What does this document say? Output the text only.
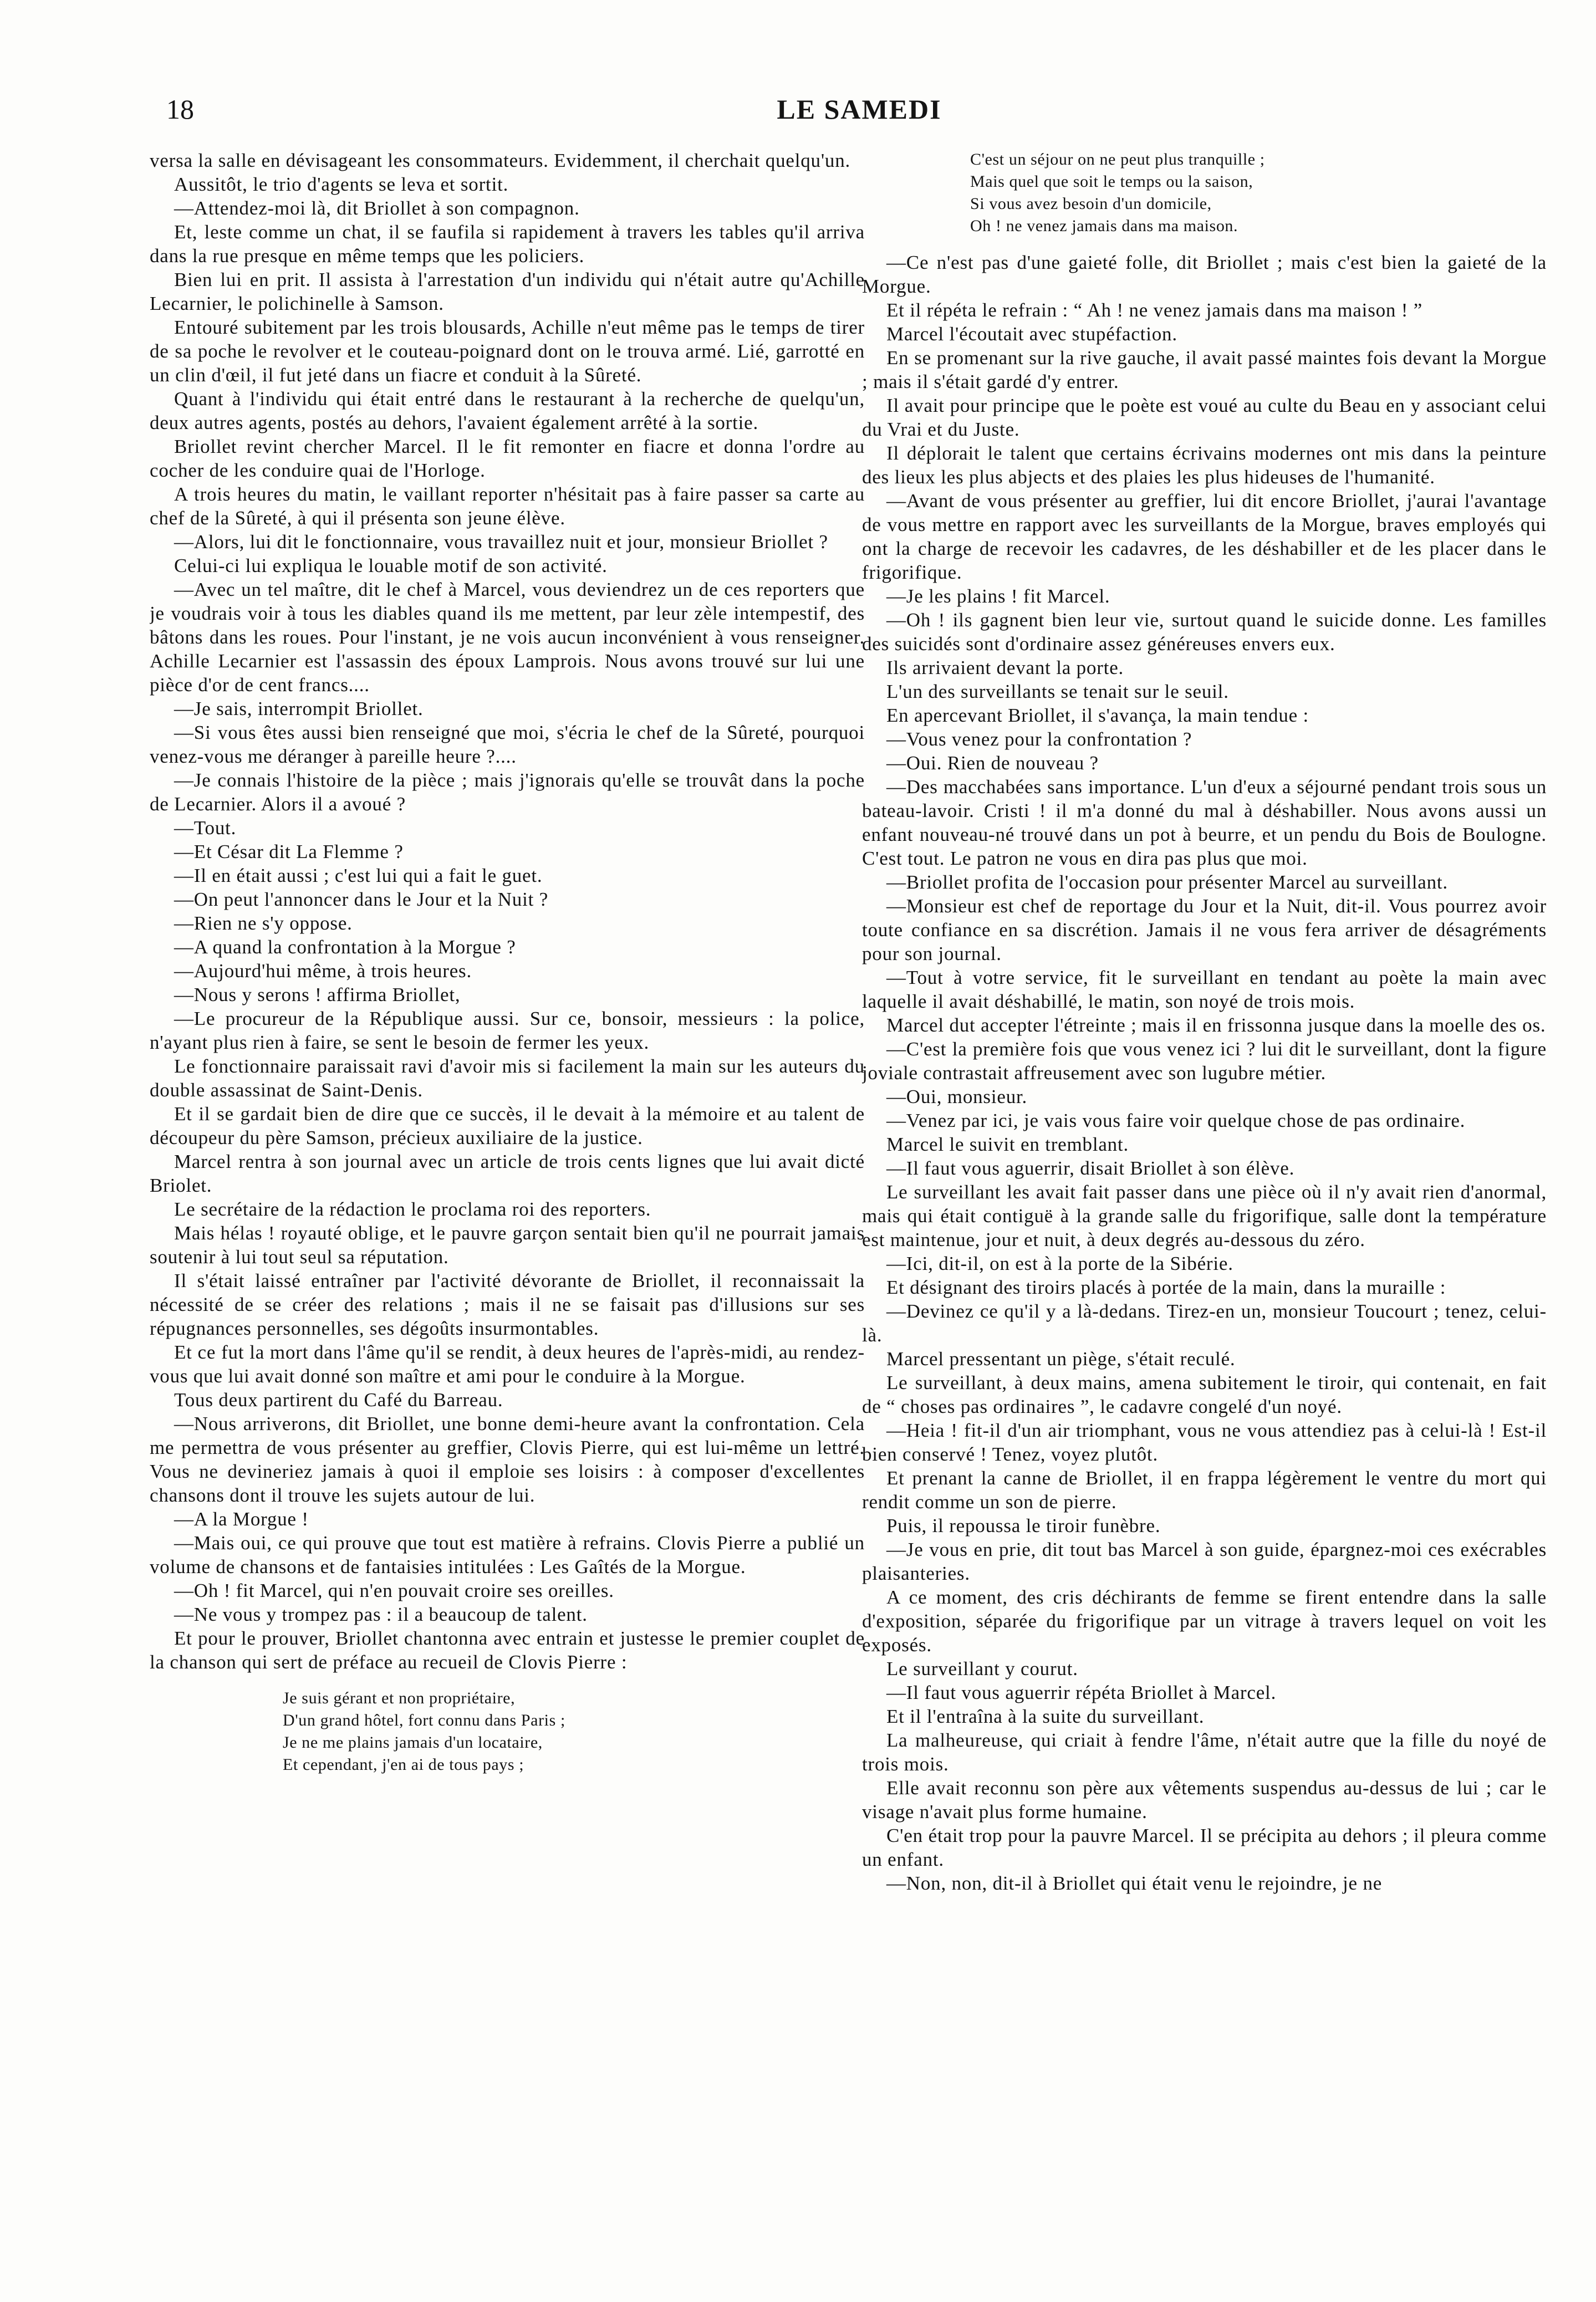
18	LE SAMEDI

versa la salle en dévisageant les consommateurs. Evidemment, il cherchait quelqu'un.

Aussitôt, le trio d'agents se leva et sortit.

—Attendez-moi là, dit Briollet à son compagnon.

Et, leste comme un chat, il se faufila si rapidement à travers les tables qu'il arriva dans la rue presque en même temps que les policiers.

Bien lui en prit. Il assista à l'arrestation d'un individu qui n'était autre qu'Achille Lecarnier, le polichinelle à Samson.

Entouré subitement par les trois blousards, Achille n'eut même pas le temps de tirer de sa poche le revolver et le couteau-poignard dont on le trouva armé. Lié, garrotté en un clin d'œil, il fut jeté dans un fiacre et conduit à la Sûreté.

Quant à l'individu qui était entré dans le restaurant à la recherche de quelqu'un, deux autres agents, postés au dehors, l'avaient également arrêté à la sortie.

Briollet revint chercher Marcel. Il le fit remonter en fiacre et donna l'ordre au cocher de les conduire quai de l'Horloge.

A trois heures du matin, le vaillant reporter n'hésitait pas à faire passer sa carte au chef de la Sûreté, à qui il présenta son jeune élève.

—Alors, lui dit le fonctionnaire, vous travaillez nuit et jour, monsieur Briollet ?

Celui-ci lui expliqua le louable motif de son activité.

—Avec un tel maître, dit le chef à Marcel, vous deviendrez un de ces reporters que je voudrais voir à tous les diables quand ils me mettent, par leur zèle intempestif, des bâtons dans les roues. Pour l'instant, je ne vois aucun inconvénient à vous renseigner. Achille Lecarnier est l'assassin des époux Lamprois. Nous avons trouvé sur lui une pièce d'or de cent francs....

—Je sais, interrompit Briollet.

—Si vous êtes aussi bien renseigné que moi, s'écria le chef de la Sûreté, pourquoi venez-vous me déranger à pareille heure ?....

—Je connais l'histoire de la pièce ; mais j'ignorais qu'elle se trouvât dans la poche de Lecarnier. Alors il a avoué ?

—Tout.

—Et César dit La Flemme ?

—Il en était aussi ; c'est lui qui a fait le guet.

—On peut l'annoncer dans le Jour et la Nuit ?

—Rien ne s'y oppose.

—A quand la confrontation à la Morgue ?

—Aujourd'hui même, à trois heures.

—Nous y serons ! affirma Briollet,

—Le procureur de la République aussi. Sur ce, bonsoir, messieurs : la police, n'ayant plus rien à faire, se sent le besoin de fermer les yeux.

Le fonctionnaire paraissait ravi d'avoir mis si facilement la main sur les auteurs du double assassinat de Saint-Denis.

Et il se gardait bien de dire que ce succès, il le devait à la mémoire et au talent de découpeur du père Samson, précieux auxiliaire de la justice.

Marcel rentra à son journal avec un article de trois cents lignes que lui avait dicté Briolet.

Le secrétaire de la rédaction le proclama roi des reporters.

Mais hélas ! royauté oblige, et le pauvre garçon sentait bien qu'il ne pourrait jamais soutenir à lui tout seul sa réputation.

Il s'était laissé entraîner par l'activité dévorante de Briollet, il reconnaissait la nécessité de se créer des relations ; mais il ne se faisait pas d'illusions sur ses répugnances personnelles, ses dégoûts insurmontables.

Et ce fut la mort dans l'âme qu'il se rendit, à deux heures de l'après-midi, au rendez-vous que lui avait donné son maître et ami pour le conduire à la Morgue.

Tous deux partirent du Café du Barreau.

—Nous arriverons, dit Briollet, une bonne demi-heure avant la confrontation. Cela me permettra de vous présenter au greffier, Clovis Pierre, qui est lui-même un lettré. Vous ne devineriez jamais à quoi il emploie ses loisirs : à composer d'excellentes chansons dont il trouve les sujets autour de lui.

—A la Morgue !

—Mais oui, ce qui prouve que tout est matière à refrains. Clovis Pierre a publié un volume de chansons et de fantaisies intitulées : Les Gaîtés de la Morgue.

—Oh ! fit Marcel, qui n'en pouvait croire ses oreilles.

—Ne vous y trompez pas : il a beaucoup de talent.

Et pour le prouver, Briollet chantonna avec entrain et justesse le premier couplet de la chanson qui sert de préface au recueil de Clovis Pierre :

Je suis gérant et non propriétaire,
D'un grand hôtel, fort connu dans Paris ;
Je ne me plains jamais d'un locataire,
Et cependant, j'en ai de tous pays ;
C'est un séjour on ne peut plus tranquille ;
Mais quel que soit le temps ou la saison,
Si vous avez besoin d'un domicile,
Oh ! ne venez jamais dans ma maison.

—Ce n'est pas d'une gaieté folle, dit Briollet ; mais c'est bien la gaieté de la Morgue.

Et il répéta le refrain : “ Ah ! ne venez jamais dans ma maison ! ”

Marcel l'écoutait avec stupéfaction.

En se promenant sur la rive gauche, il avait passé maintes fois devant la Morgue ; mais il s'était gardé d'y entrer.

Il avait pour principe que le poète est voué au culte du Beau en y associant celui du Vrai et du Juste.

Il déplorait le talent que certains écrivains modernes ont mis dans la peinture des lieux les plus abjects et des plaies les plus hideuses de l'humanité.

—Avant de vous présenter au greffier, lui dit encore Briollet, j'aurai l'avantage de vous mettre en rapport avec les surveillants de la Morgue, braves employés qui ont la charge de recevoir les cadavres, de les déshabiller et de les placer dans le frigorifique.

—Je les plains ! fit Marcel.

—Oh ! ils gagnent bien leur vie, surtout quand le suicide donne. Les familles des suicidés sont d'ordinaire assez généreuses envers eux.

Ils arrivaient devant la porte.

L'un des surveillants se tenait sur le seuil.

En apercevant Briollet, il s'avança, la main tendue :

—Vous venez pour la confrontation ?

—Oui. Rien de nouveau ?

—Des macchabées sans importance. L'un d'eux a séjourné pendant trois sous un bateau-lavoir. Cristi ! il m'a donné du mal à déshabiller. Nous avons aussi un enfant nouveau-né trouvé dans un pot à beurre, et un pendu du Bois de Boulogne. C'est tout. Le patron ne vous en dira pas plus que moi.

—Briollet profita de l'occasion pour présenter Marcel au surveillant.

—Monsieur est chef de reportage du Jour et la Nuit, dit-il. Vous pourrez avoir toute confiance en sa discrétion. Jamais il ne vous fera arriver de désagréments pour son journal.

—Tout à votre service, fit le surveillant en tendant au poète la main avec laquelle il avait déshabillé, le matin, son noyé de trois mois.

Marcel dut accepter l'étreinte ; mais il en frissonna jusque dans la moelle des os.

—C'est la première fois que vous venez ici ? lui dit le surveillant, dont la figure joviale contrastait affreusement avec son lugubre métier.

—Oui, monsieur.

—Venez par ici, je vais vous faire voir quelque chose de pas ordinaire.

Marcel le suivit en tremblant.

—Il faut vous aguerrir, disait Briollet à son élève.

Le surveillant les avait fait passer dans une pièce où il n'y avait rien d'anormal, mais qui était contiguë à la grande salle du frigorifique, salle dont la température est maintenue, jour et nuit, à deux degrés au-dessous du zéro.

—Ici, dit-il, on est à la porte de la Sibérie.

Et désignant des tiroirs placés à portée de la main, dans la muraille :

—Devinez ce qu'il y a là-dedans. Tirez-en un, monsieur Toucourt ; tenez, celui-là.

Marcel pressentant un piège, s'était reculé.

Le surveillant, à deux mains, amena subitement le tiroir, qui contenait, en fait de “ choses pas ordinaires ”, le cadavre congelé d'un noyé.

—Heia ! fit-il d'un air triomphant, vous ne vous attendiez pas à celui-là ! Est-il bien conservé ! Tenez, voyez plutôt.

Et prenant la canne de Briollet, il en frappa légèrement le ventre du mort qui rendit comme un son de pierre.

Puis, il repoussa le tiroir funèbre.

—Je vous en prie, dit tout bas Marcel à son guide, épargnez-moi ces exécrables plaisanteries.

A ce moment, des cris déchirants de femme se firent entendre dans la salle d'exposition, séparée du frigorifique par un vitrage à travers lequel on voit les exposés.

Le surveillant y courut.

—Il faut vous aguerrir répéta Briollet à Marcel.

Et il l'entraîna à la suite du surveillant.

La malheureuse, qui criait à fendre l'âme, n'était autre que la fille du noyé de trois mois.

Elle avait reconnu son père aux vêtements suspendus au-dessus de lui ; car le visage n'avait plus forme humaine.

C'en était trop pour la pauvre Marcel. Il se précipita au dehors ; il pleura comme un enfant.

—Non, non, dit-il à Briollet qui était venu le rejoindre, je ne
